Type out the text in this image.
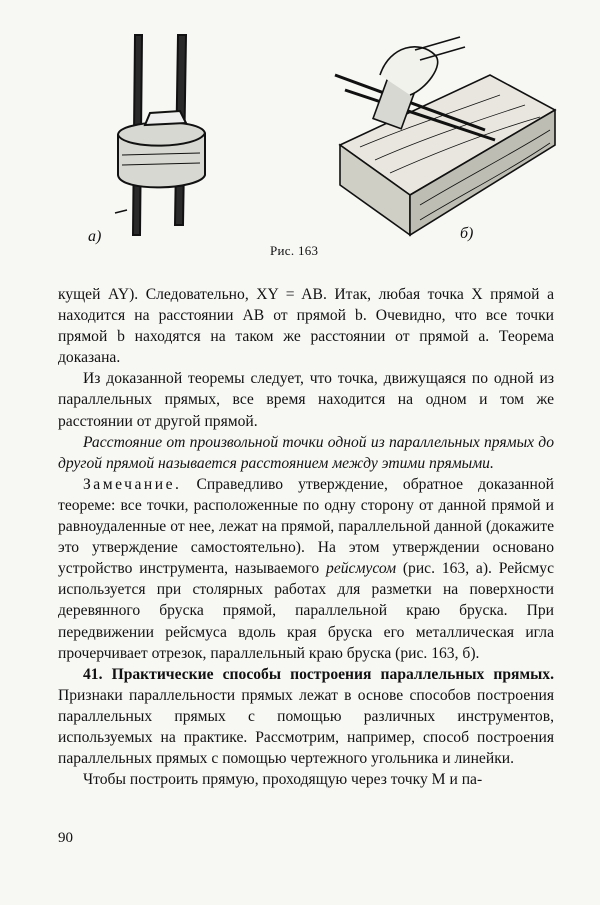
а)	б)
Рис. 163

кущей AY). Следовательно, XY = AB. Итак, любая точка X прямой a находится на расстоянии AB от прямой b. Очевидно, что все точки прямой b находятся на таком же расстоянии от прямой a. Теорема доказана.

Из доказанной теоремы следует, что точка, движущаяся по одной из параллельных прямых, все время находится на одном и том же расстоянии от другой прямой.

Расстояние от произвольной точки одной из параллельных прямых до другой прямой называется расстоянием между этими прямыми.

Замечание. Справедливо утверждение, обратное доказанной теореме: все точки, расположенные по одну сторону от данной прямой и равноудаленные от нее, лежат на прямой, параллельной данной (докажите это утверждение самостоятельно). На этом утверждении основано устройство инструмента, называемого рейсмусом (рис. 163, а). Рейсмус используется при столярных работах для разметки на поверхности деревянного бруска прямой, параллельной краю бруска. При передвижении рейсмуса вдоль края бруска его металлическая игла прочерчивает отрезок, параллельный краю бруска (рис. 163, б).

41. Практические способы построения параллельных прямых. Признаки параллельности прямых лежат в основе способов построения параллельных прямых с помощью различных инструментов, используемых на практике. Рассмотрим, например, способ построения параллельных прямых с помощью чертежного угольника и линейки.

Чтобы построить прямую, проходящую через точку M и па-

90
